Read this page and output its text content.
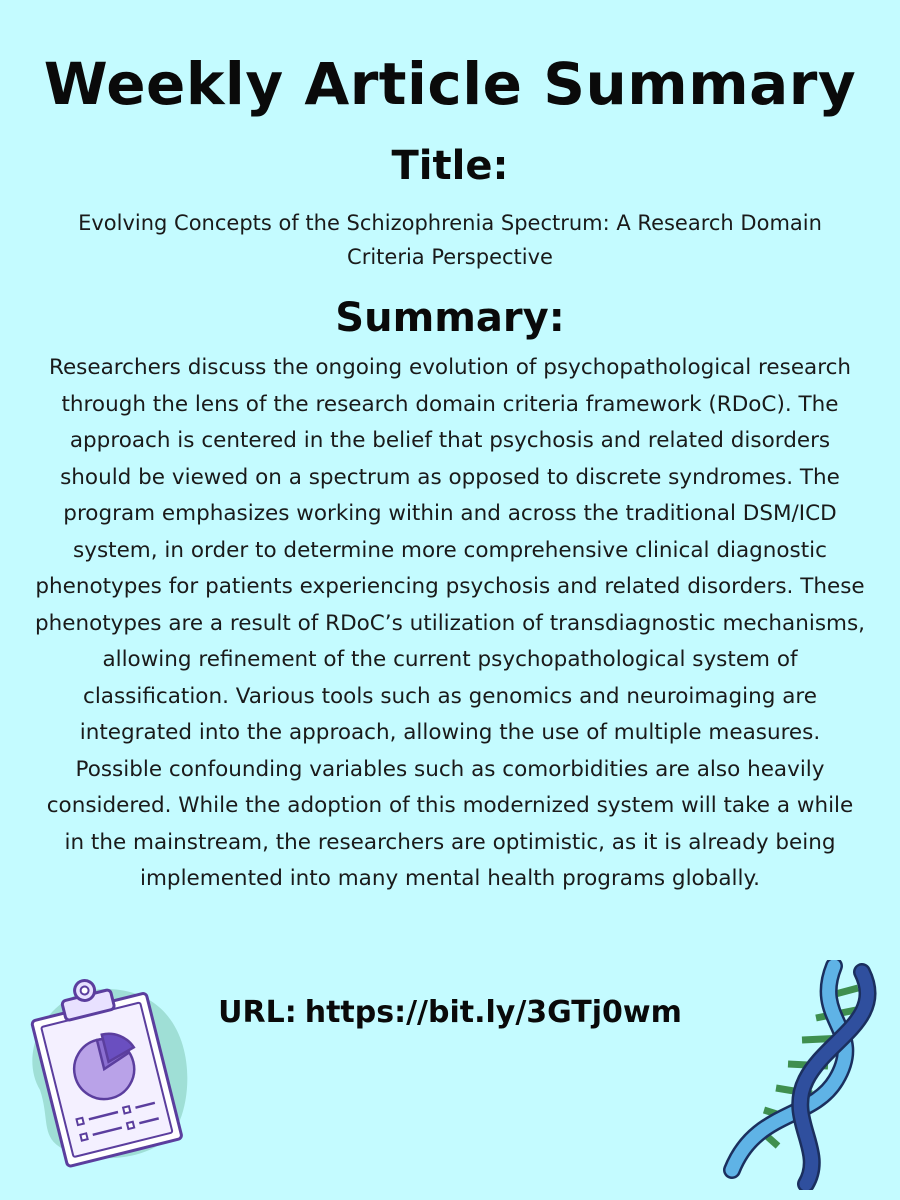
Weekly Article Summary
Title:

Evolving Concepts of the Schizophrenia Spectrum: A Research Domain Criteria Perspective

Summary:

Researchers discuss the ongoing evolution of psychopathological research through the lens of the research domain criteria framework (RDoC). The approach is centered in the belief that psychosis and related disorders should be viewed on a spectrum as opposed to discrete syndromes. The program emphasizes working within and across the traditional DSM/ICD system, in order to determine more comprehensive clinical diagnostic phenotypes for patients experiencing psychosis and related disorders. These phenotypes are a result of RDoC’s utilization of transdiagnostic mechanisms, allowing refinement of the current psychopathological system of classification. Various tools such as genomics and neuroimaging are integrated into the approach, allowing the use of multiple measures. Possible confounding variables such as comorbidities are also heavily considered. While the adoption of this modernized system will take a while in the mainstream, the researchers are optimistic, as it is already being implemented into many mental health programs globally.

URL: https://bit.ly/3GTj0wm
